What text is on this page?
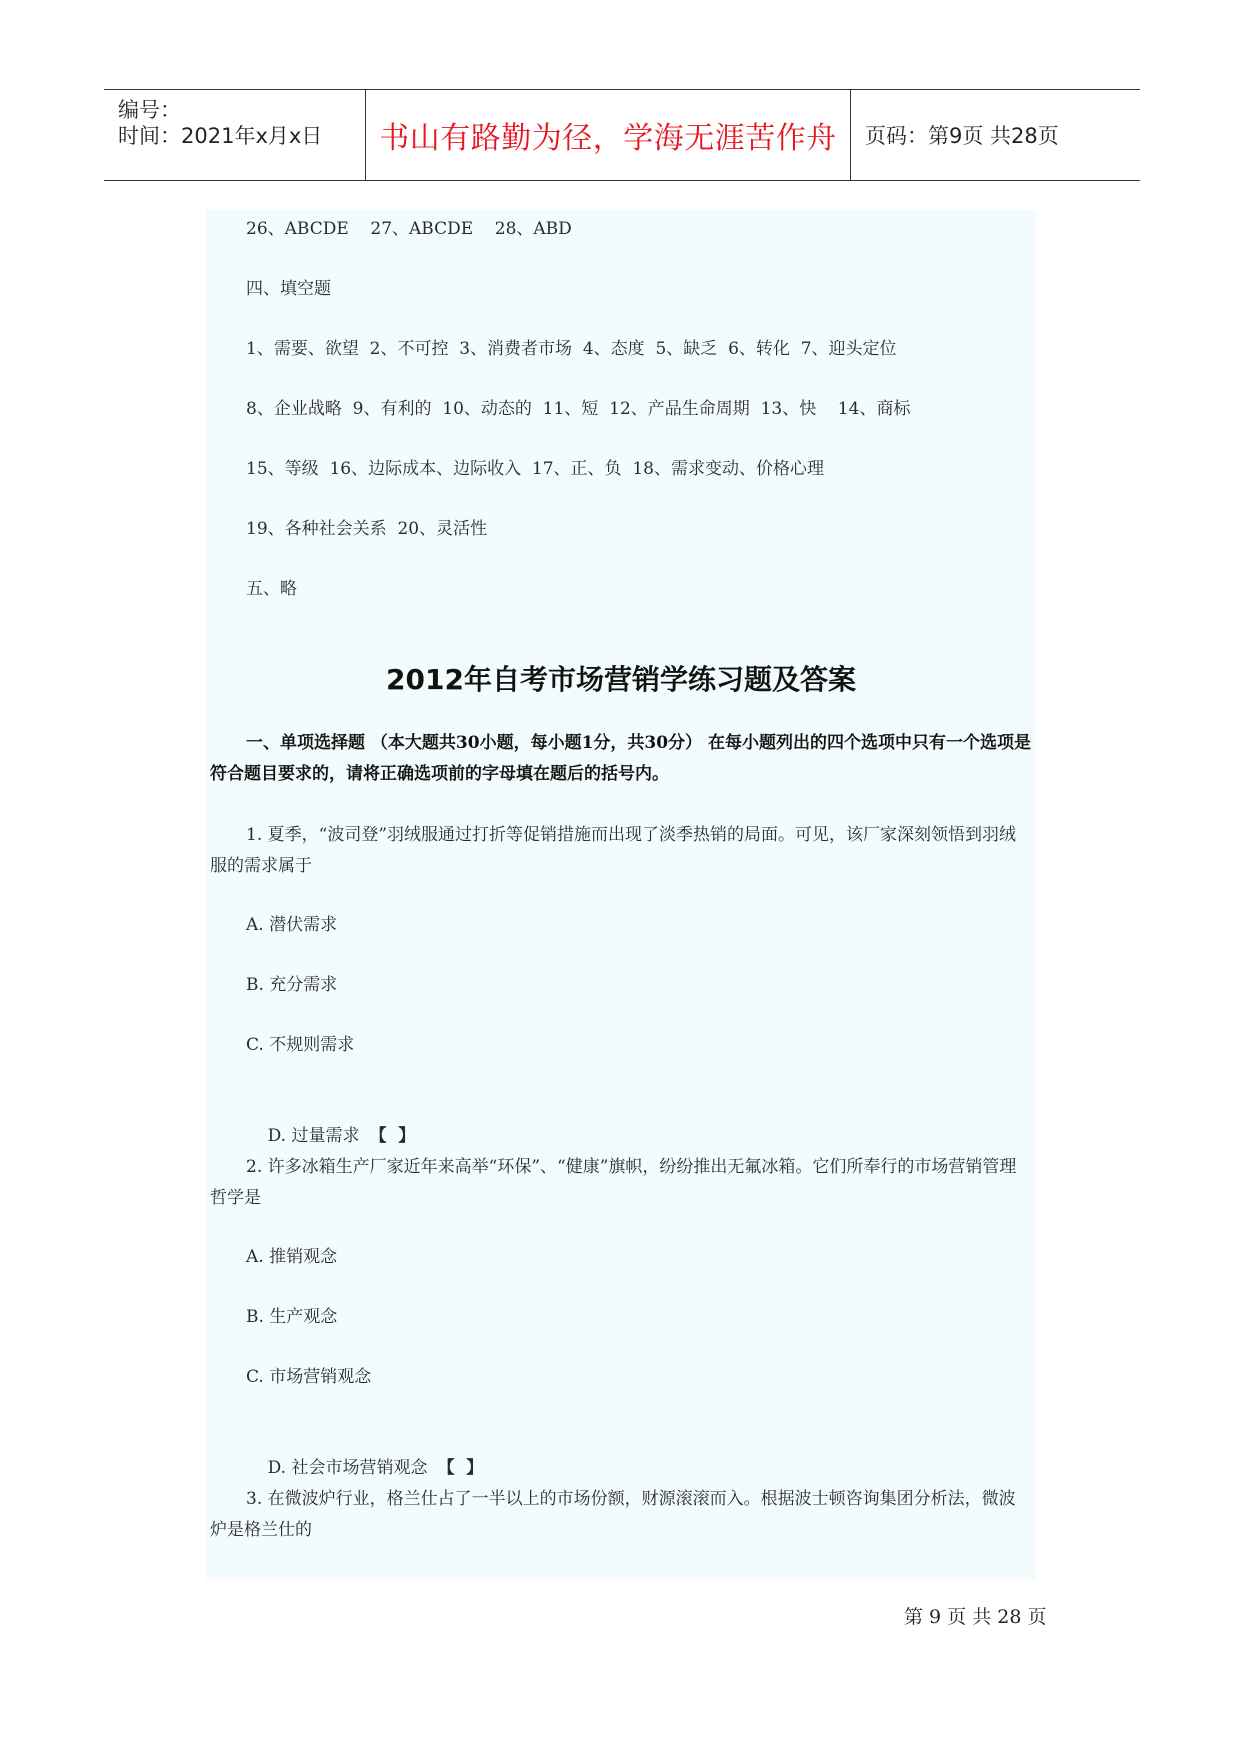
编号：
时间：2021年x月x日	书山有路勤为径，学海无涯苦作舟	页码：第9页 共28页
26、ABCDE    27、ABCDE    28、ABD
四、填空题
1、需要、欲望  2、不可控  3、消费者市场  4、态度  5、缺乏  6、转化  7、迎头定位
8、企业战略  9、有利的  10、动态的  11、短  12、产品生命周期  13、快    14、商标
15、等级  16、边际成本、边际收入  17、正、负  18、需求变动、价格心理
19、各种社会关系  20、灵活性
五、略
2012年自考市场营销学练习题及答案
一、单项选择题 （本大题共30小题，每小题1分，共30分） 在每小题列出的四个选项中只有一个选项是符合题目要求的，请将正确选项前的字母填在题后的括号内。
1. 夏季，“波司登”羽绒服通过打折等促销措施而出现了淡季热销的局面。可见，该厂家深刻领悟到羽绒服的需求属于
A. 潜伏需求
B. 充分需求
C. 不规则需求

D. 过量需求 【  】

2. 许多冰箱生产厂家近年来高举“环保”、“健康”旗帜，纷纷推出无氟冰箱。它们所奉行的市场营销管理哲学是
A. 推销观念
B. 生产观念
C. 市场营销观念

D. 社会市场营销观念 【  】

3. 在微波炉行业，格兰仕占了一半以上的市场份额，财源滚滚而入。根据波士顿咨询集团分析法，微波炉是格兰仕的
第 9 页 共 28 页
